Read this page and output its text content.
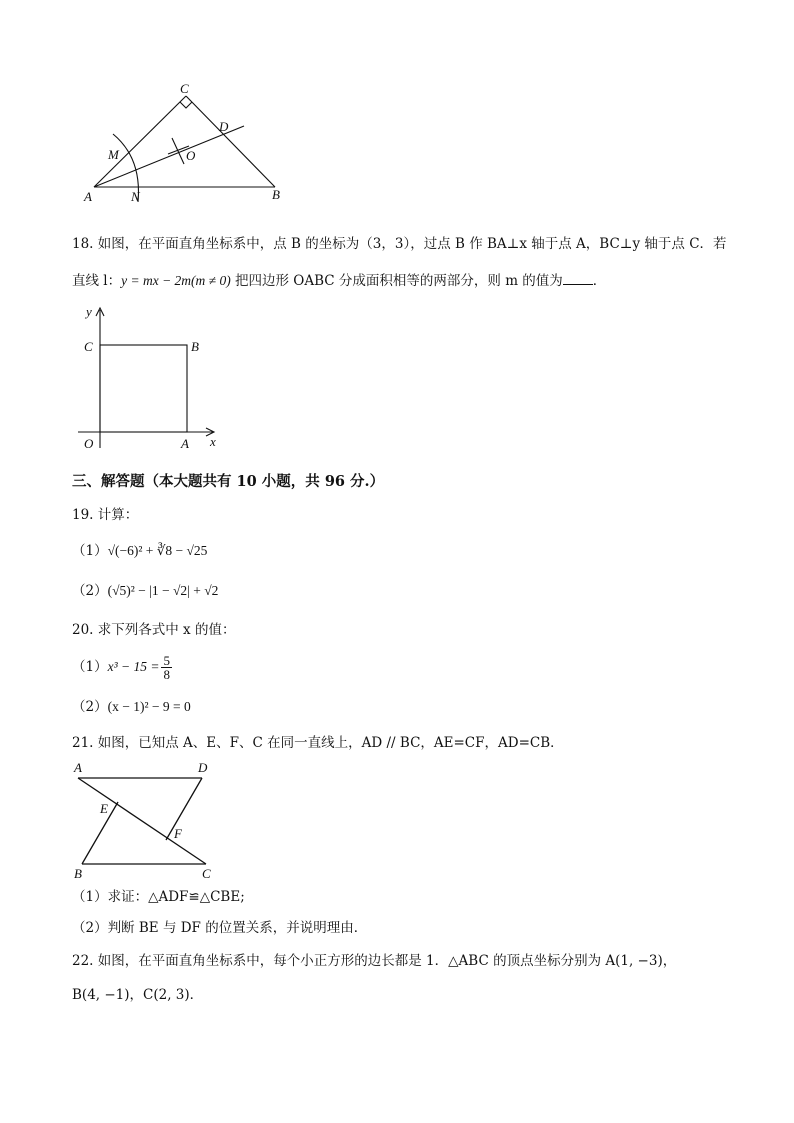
C
D
M	O
A	N	B
18. 如图，在平面直角坐标系中，点 B 的坐标为（3，3），过点 B 作 BA⊥x 轴于点 A，BC⊥y 轴于点 C．若
直线 l：y = mx − 2m(m ≠ 0) 把四边形 OABC 分成面积相等的两部分，则 m 的值为 ．
y
C	B
O	A x
三、解答题（本大题共有 10 小题，共 96 分.）
19. 计算：
（1）√(−6)² + ∛8 − √25
（2）(√5)² − |1 − √2| + √2
20. 求下列各式中 x 的值：
$(1)x^3 - 15 = \frac{5}{8}$
（2）(x − 1)² − 9 = 0
21. 如图，已知点 A、E、F、C 在同一直线上，AD // BC，AE=CF，AD=CB．
A	D
E
F
B	C
（1）求证：△ADF≌△CBE;
（2）判断 BE 与 DF 的位置关系，并说明理由．
22. 如图，在平面直角坐标系中，每个小正方形的边长都是 1．△ABC 的顶点坐标分别为 A(1, −3)，
B(4, −1)，C(2, 3)．
